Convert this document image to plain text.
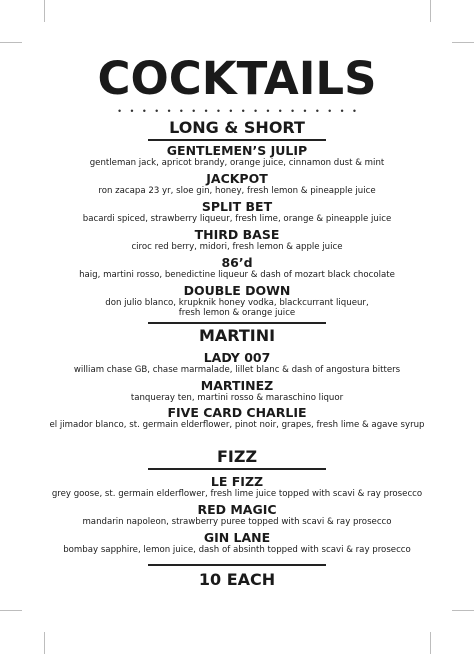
COCKTAILS
• • • • • • • • • • • • • • • • • • • •
LONG & SHORT
GENTLEMEN’S JULIP
gentleman jack, apricot brandy, orange juice, cinnamon dust & mint
JACKPOT
ron zacapa 23 yr, sloe gin, honey, fresh lemon & pineapple juice
SPLIT BET
bacardi spiced, strawberry liqueur, fresh lime, orange & pineapple juice
THIRD BASE
ciroc red berry, midori, fresh lemon & apple juice
86’d
haig, martini rosso, benedictine liqueur & dash of mozart black chocolate
DOUBLE DOWN
don julio blanco, krupknik honey vodka, blackcurrant liqueur,
fresh lemon & orange juice
MARTINI
LADY 007
william chase GB, chase marmalade, lillet blanc & dash of angostura bitters
MARTINEZ
tanqueray ten, martini rosso & maraschino liquor
FIVE CARD CHARLIE
el jimador blanco, st. germain elderflower, pinot noir, grapes, fresh lime & agave syrup
FIZZ
LE FIZZ
grey goose, st. germain elderflower, fresh lime juice topped with scavi & ray prosecco
RED MAGIC
mandarin napoleon, strawberry puree topped with scavi & ray prosecco
GIN LANE
bombay sapphire, lemon juice, dash of absinth topped with scavi & ray prosecco
10 EACH
